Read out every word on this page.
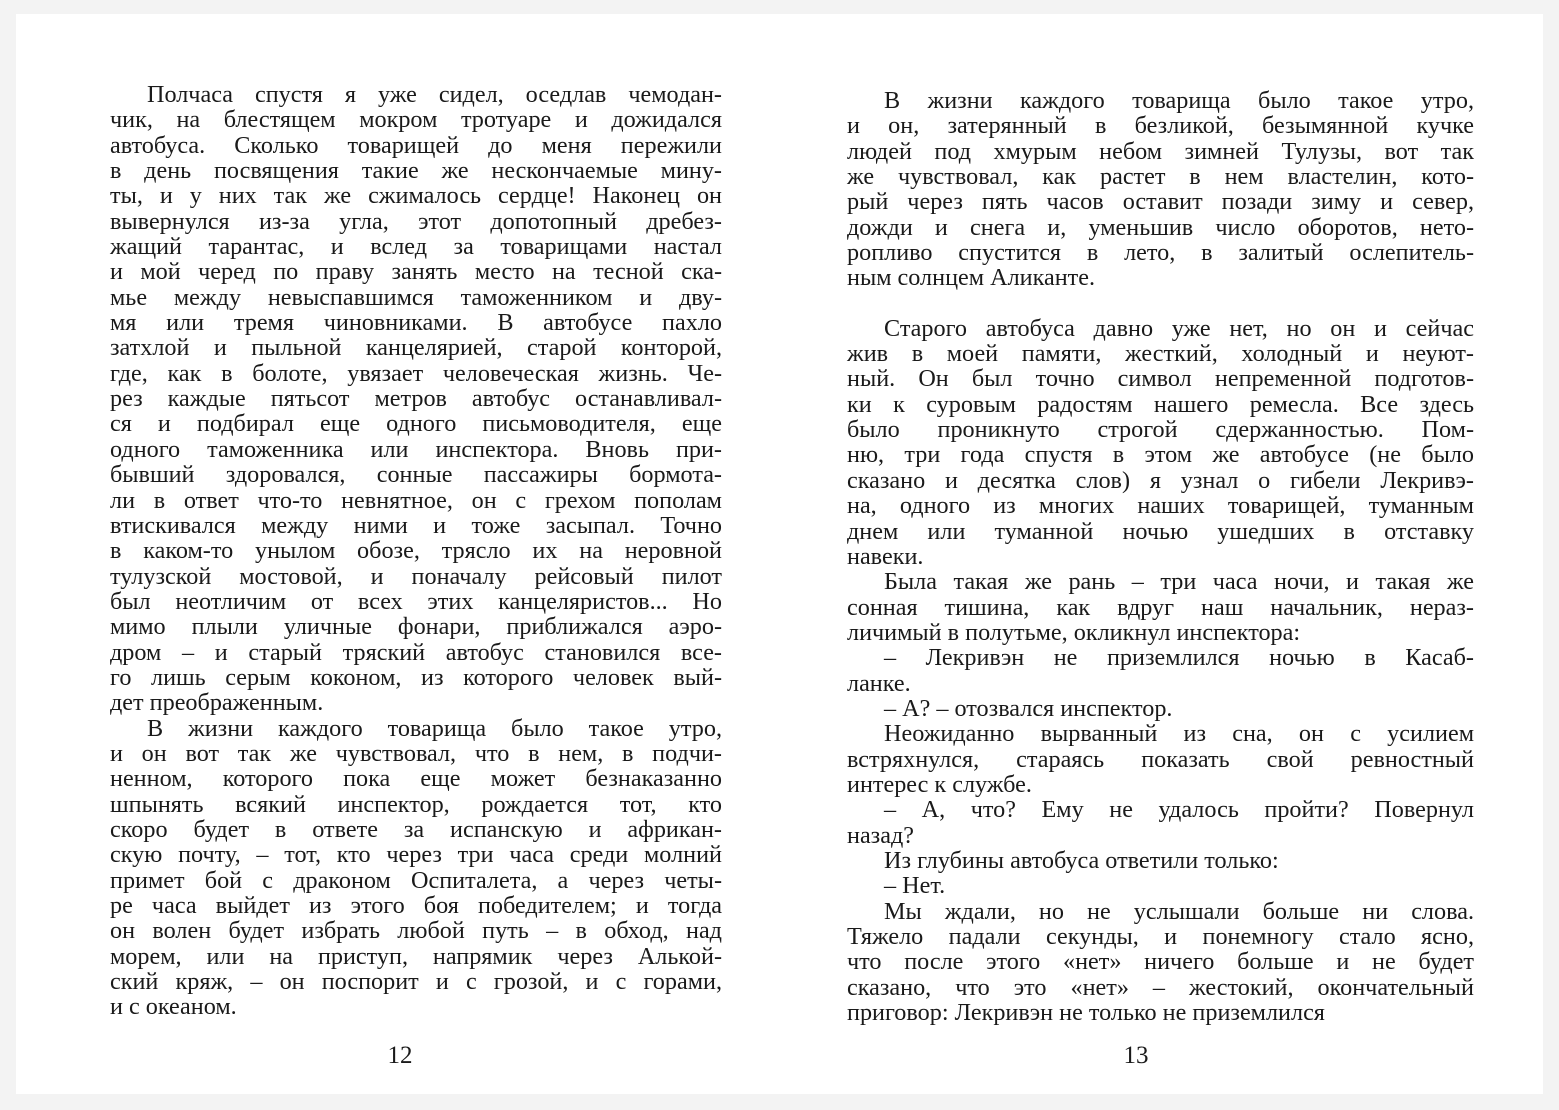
Полчаса спустя я уже сидел, оседлав чемодан-
чик, на блестящем мокром тротуаре и дожидался
автобуса. Сколько товарищей до меня пережили
в день посвящения такие же нескончаемые мину-
ты, и у них так же сжималось сердце! Наконец он
вывернулся из-за угла, этот допотопный дребез-
жащий тарантас, и вслед за товарищами настал
и мой черед по праву занять место на тесной ска-
мье между невыспавшимся таможенником и дву-
мя или тремя чиновниками. В автобусе пахло
затхлой и пыльной канцелярией, старой конторой,
где, как в болоте, увязает человеческая жизнь. Че-
рез каждые пятьсот метров автобус останавливал-
ся и подбирал еще одного письмоводителя, еще
одного таможенника или инспектора. Вновь при-
бывший здоровался, сонные пассажиры бормота-
ли в ответ что-то невнятное, он с грехом пополам
втискивался между ними и тоже засыпал. Точно
в каком-то унылом обозе, трясло их на неровной
тулузской мостовой, и поначалу рейсовый пилот
был неотличим от всех этих канцеляристов... Но
мимо плыли уличные фонари, приближался аэро-
дром – и старый тряский автобус становился все-
го лишь серым коконом, из которого человек вый-
дет преображенным.

В жизни каждого товарища было такое утро,
и он вот так же чувствовал, что в нем, в подчи-
ненном, которого пока еще может безнаказанно
шпынять всякий инспектор, рождается тот, кто
скоро будет в ответе за испанскую и африкан-
скую почту, – тот, кто через три часа среди молний
примет бой с драконом Оспиталета, а через четы-
ре часа выйдет из этого боя победителем; и тогда
он волен будет избрать любой путь – в обход, над
морем, или на приступ, напрямик через Алькой-
ский кряж, – он поспорит и с грозой, и с горами,
и с океаном.

12

В жизни каждого товарища было такое утро,
и он, затерянный в безликой, безымянной кучке
людей под хмурым небом зимней Тулузы, вот так
же чувствовал, как растет в нем властелин, кото-
рый через пять часов оставит позади зиму и север,
дожди и снега и, уменьшив число оборотов, нето-
ропливо спустится в лето, в залитый ослепитель-
ным солнцем Аликанте.

Старого автобуса давно уже нет, но он и сейчас
жив в моей памяти, жесткий, холодный и неуют-
ный. Он был точно символ непременной подготов-
ки к суровым радостям нашего ремесла. Все здесь
было проникнуто строгой сдержанностью. Пом-
ню, три года спустя в этом же автобусе (не было
сказано и десятка слов) я узнал о гибели Лекривэ-
на, одного из многих наших товарищей, туманным
днем или туманной ночью ушедших в отставку
навеки.

Была такая же рань – три часа ночи, и такая же
сонная тишина, как вдруг наш начальник, нераз-
личимый в полутьме, окликнул инспектора:

– Лекривэн не приземлился ночью в Касаб-
ланке.

– А? – отозвался инспектор.

Неожиданно вырванный из сна, он с усилием
встряхнулся, стараясь показать свой ревностный
интерес к службе.

– А, что? Ему не удалось пройти? Повернул
назад?

Из глубины автобуса ответили только:

– Нет.

Мы ждали, но не услышали больше ни слова.
Тяжело падали секунды, и понемногу стало ясно,
что после этого «нет» ничего больше и не будет
сказано, что это «нет» – жестокий, окончательный
приговор: Лекривэн не только не приземлился

13
